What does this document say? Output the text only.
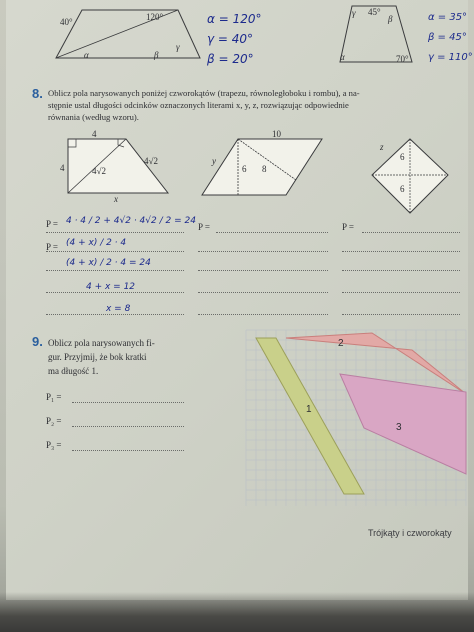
120°
40°
α	β
γ
α = 120°
γ = 40°
β = 20°
γ 45°
β
α	70°
α = 35°
β = 45°
γ = 110°
8. Oblicz pola narysowanych poniżej czworokątów (trapezu, równoległoboku i rombu), a na-
stępnie ustal długości odcinków oznaczonych literami x, y, z, rozwiązując odpowiednie
równania (według wzoru).
4
4	4√2
4√2
x
10
y
6 8
z
6
6
P = 4 · 4 / 2 + 4√2 · 4√2 / 2 = 24
P = (4 + x) / 2 · 4
(4 + x) / 2 · 4 = 24
4 + x = 12
x = 8
P =	P =
9. Oblicz pola narysowanych fi-
gur. Przyjmij, że bok kratki
ma długość 1.
P₁ =
P₂ =
P₃ =
1
2
3
Trójkąty i czworokąty
